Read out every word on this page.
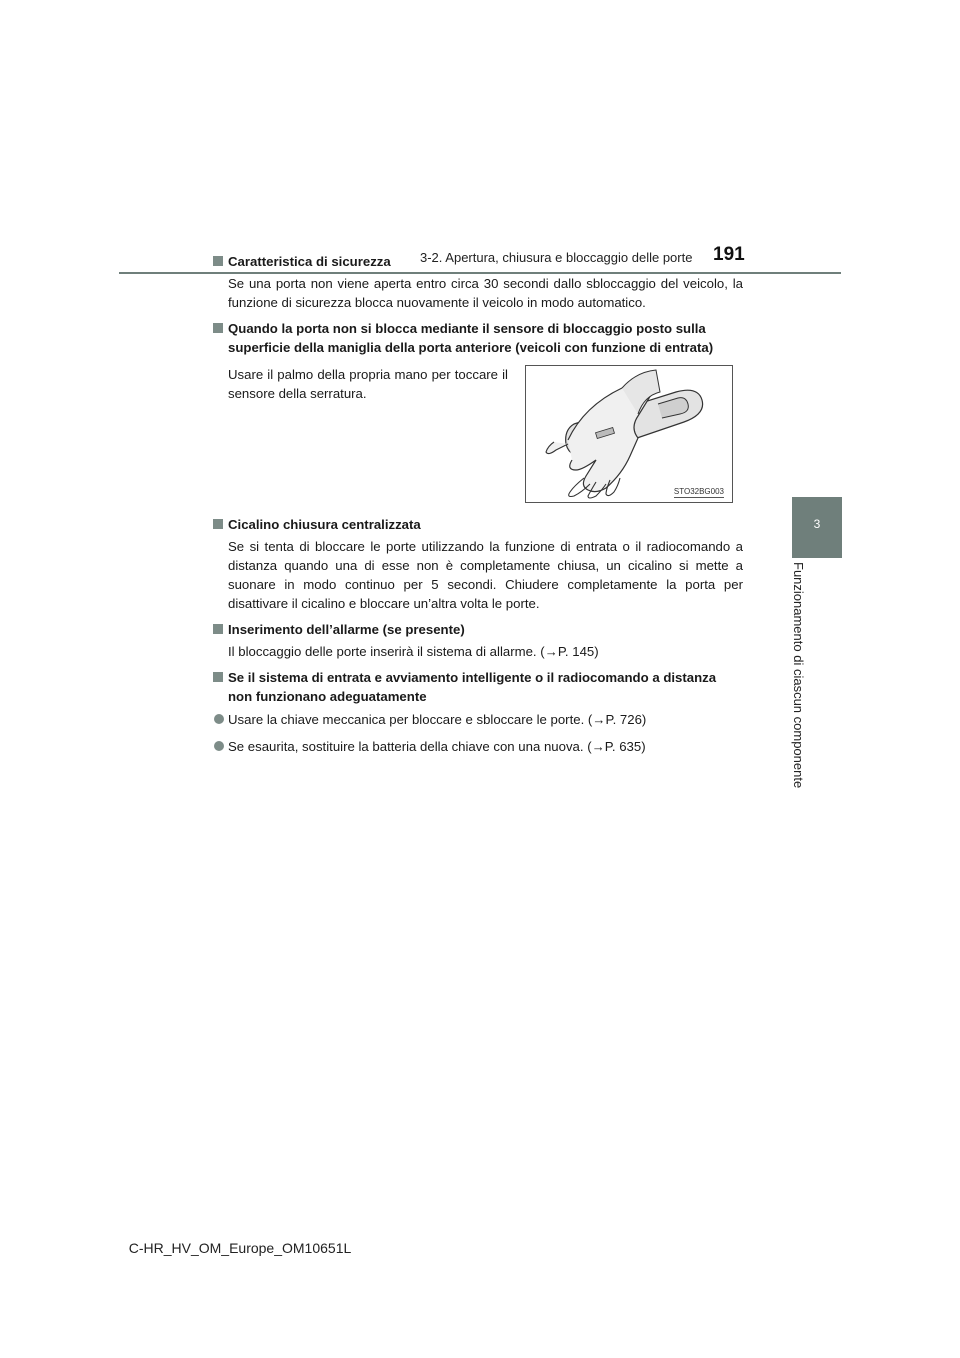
3-2. Apertura, chiusura e bloccaggio delle porte 191
3
Funzionamento di ciascun componente
Caratteristica di sicurezza

Se una porta non viene aperta entro circa 30 secondi dallo sbloccaggio del veicolo, la funzione di sicurezza blocca nuovamente il veicolo in modo automatico.

Quando la porta non si blocca mediante il sensore di bloccaggio posto sulla superficie della maniglia della porta anteriore (veicoli con funzione di entrata)

Usare il palmo della propria mano per toccare il sensore della serratura.

STO32BG003
Cicalino chiusura centralizzata

Se si tenta di bloccare le porte utilizzando la funzione di entrata o il radiocomando a distanza quando una di esse non è completamente chiusa, un cicalino si mette a suonare in modo continuo per 5 secondi. Chiudere completamente la porta per disattivare il cicalino e bloccare un’altra volta le porte.

Inserimento dell’allarme (se presente)

Il bloccaggio delle porte inserirà il sistema di allarme. (→P. 145)

Se il sistema di entrata e avviamento intelligente o il radiocomando a distanza non funzionano adeguatamente
Usare la chiave meccanica per bloccare e sbloccare le porte. (→P. 726)
Se esaurita, sostituire la batteria della chiave con una nuova. (→P. 635)
C-HR_HV_OM_Europe_OM10651L
